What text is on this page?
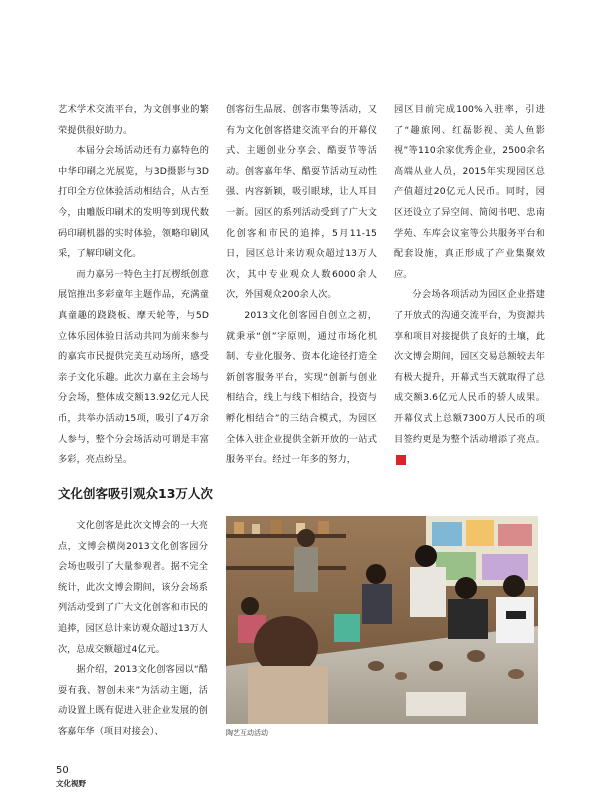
艺术学术交流平台，为文创事业的繁荣提供很好助力。

本届分会场活动还有力嘉特色的中华印刷之光展览，与3D摄影与3D打印全方位体验活动相结合，从古至今，由雕版印刷术的发明等到现代数码印刷机器的实时体验，领略印刷风采，了解印刷文化。

而力嘉另一特色主打瓦楞纸创意展馆推出多彩童年主题作品，充满童真童趣的跷跷板、摩天轮等，与5D立体乐园体验日活动共同为前来参与的嘉宾市民提供完美互动场所，感受亲子文化乐趣。此次力嘉在主会场与分会场，整体成交额13.92亿元人民币，共举办活动15项，吸引了4万余人参与，整个分会场活动可谓是丰富多彩，亮点纷呈。

创客衍生品展、创客市集等活动，又有为文化创客搭建交流平台的开幕仪式、主题创业分享会、酷耍节等活动。创客嘉年华、酷耍节活动互动性强、内容新颖，吸引眼球，让人耳目一新。园区的系列活动受到了广大文化创客和市民的追捧，5月11-15日，园区总计来访观众超过13万人次，其中专业观众人数6000余人次，外国观众200余人次。

2013文化创客园自创立之初，就秉承“创”字原则，通过市场化机制、专业化服务、资本化途径打造全新创客服务平台，实现“创新与创业相结合，线上与线下相结合，投资与孵化相结合”的三结合模式，为园区全体入驻企业提供全新开放的一站式服务平台。经过一年多的努力，

园区目前完成100%入驻率，引进了“趣旅网、红磊影视、美人鱼影视”等110余家优秀企业，2500余名高端从业人员，2015年实现园区总产值超过20亿元人民币。同时，园区还设立了异空间、简阅书吧、忠南学苑、车库会议室等公共服务平台和配套设施，真正形成了产业集聚效应。

分会场各项活动为园区企业搭建了开放式的沟通交流平台，为资源共享和项目对接提供了良好的土壤，此次文博会期间，园区交易总额较去年有极大提升，开幕式当天就取得了总成交额3.6亿元人民币的骄人成果。开幕仪式上总额7300万人民币的项目签约更是为整个活动增添了亮点。N

文化创客吸引观众13万人次

文化创客是此次文博会的一大亮点，文博会横岗2013文化创客园分会场也吸引了大量参观者。据不完全统计，此次文博会期间，该分会场系列活动受到了广大文化创客和市民的追捧，园区总计来访观众超过13万人次，总成交额超过4亿元。

据介绍，2013文化创客园以“酷耍有我、智创未来”为活动主题，活动设置上既有促进入驻企业发展的创客嘉年华（项目对接会）、	陶艺互动活动
50
文化视野
